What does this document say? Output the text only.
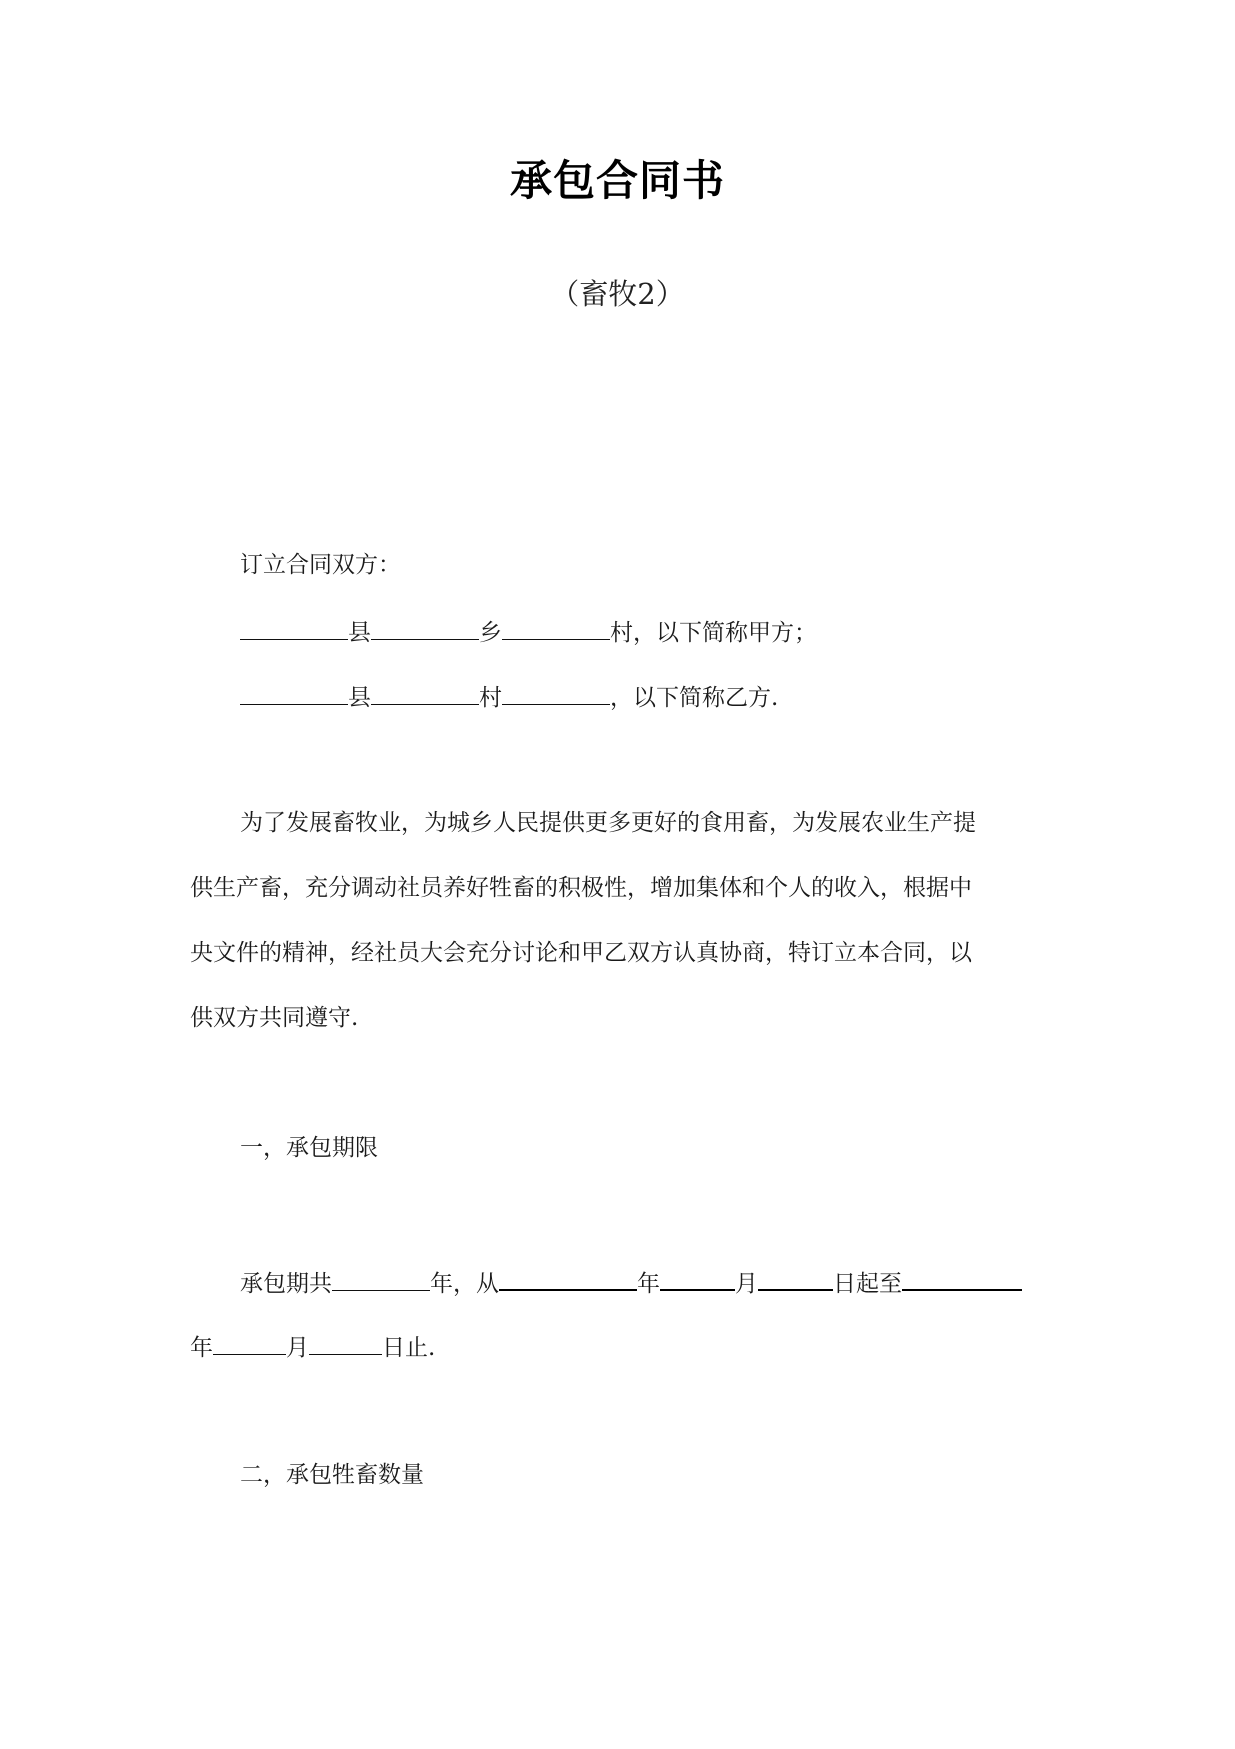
承包合同书
（畜牧2）
订立合同双方：
县	乡	村，以下简称甲方；
县	村	，以下简称乙方.
为了发展畜牧业，为城乡人民提供更多更好的食用畜，为发展农业生产提
供生产畜，充分调动社员养好牲畜的积极性，增加集体和个人的收入，根据中
央文件的精神，经社员大会充分讨论和甲乙双方认真协商，特订立本合同，以
供双方共同遵守.
一，承包期限
承包期共	年，从	年	月	日起至
年	月	日止.
二，承包牲畜数量
